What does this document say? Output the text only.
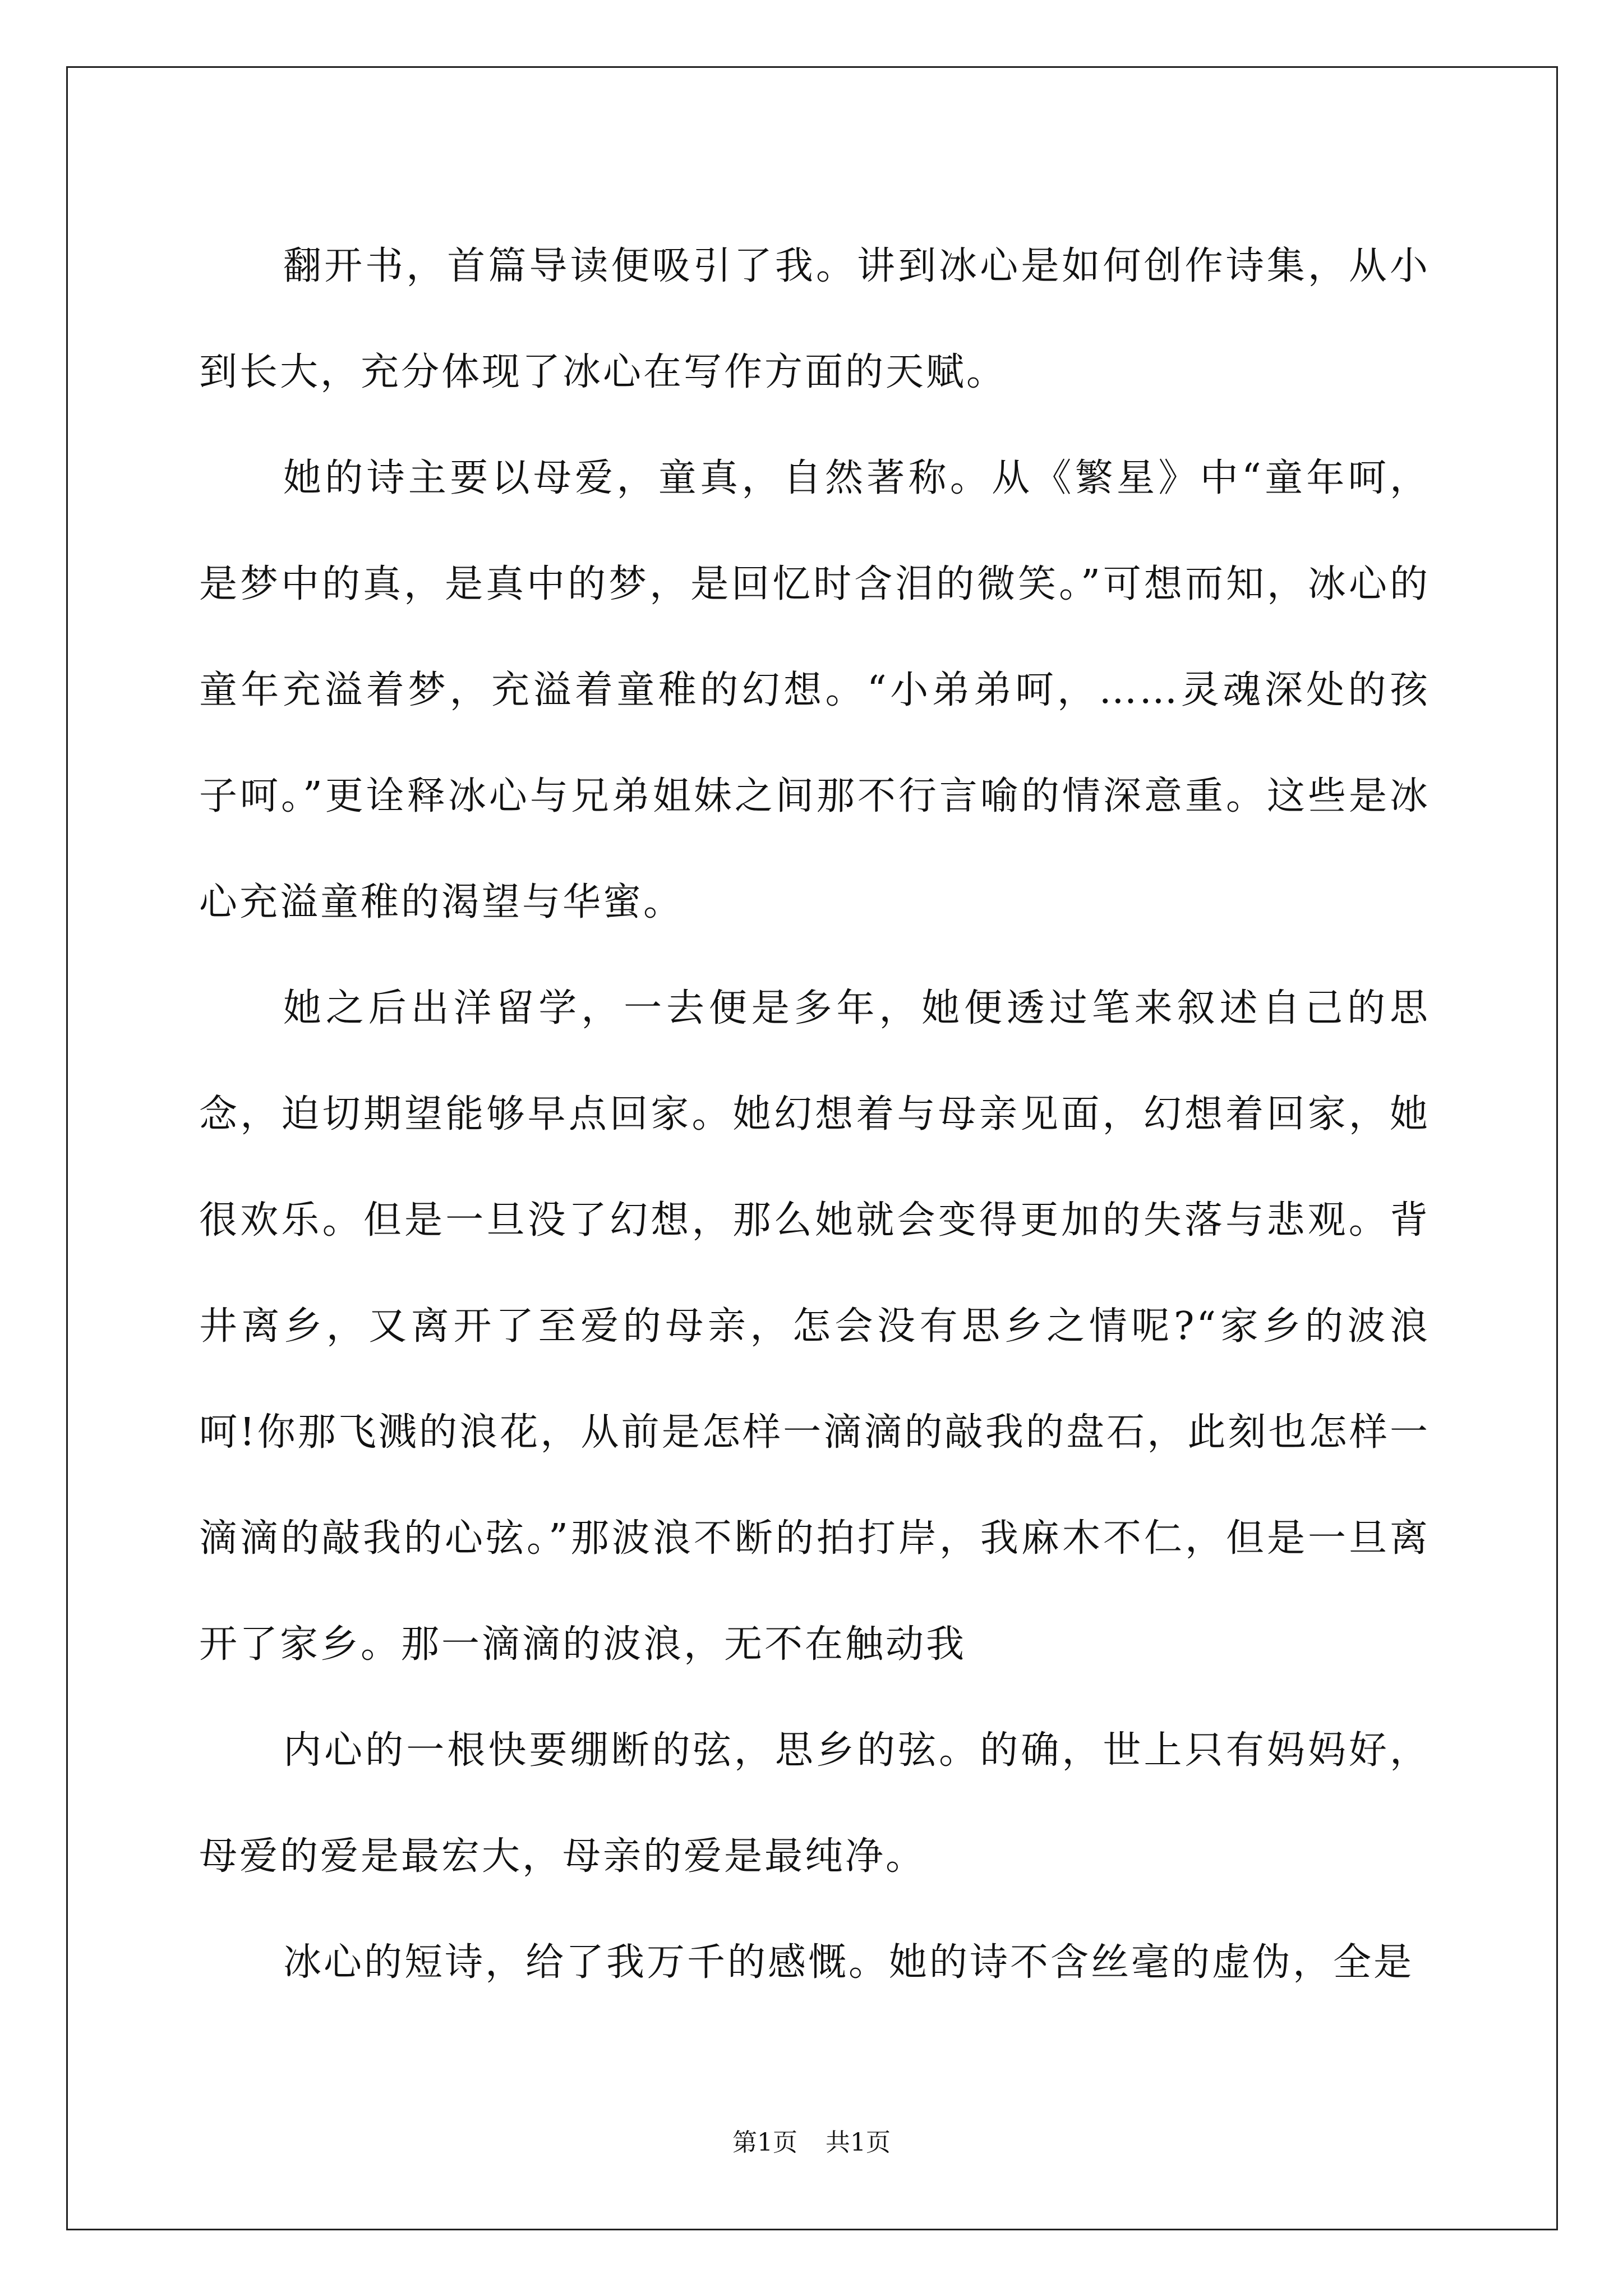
翻开书，首篇导读便吸引了我。讲到冰心是如何创作诗集，从小到长大，充分体现了冰心在写作方面的天赋。

她的诗主要以母爱，童真，自然著称。从《繁星》中“童年呵，是梦中的真，是真中的梦，是回忆时含泪的微笑。”可想而知，冰心的童年充溢着梦，充溢着童稚的幻想。“小弟弟呵，……灵魂深处的孩子呵。”更诠释冰心与兄弟姐妹之间那不行言喻的情深意重。这些是冰心充溢童稚的渴望与华蜜。

她之后出洋留学，一去便是多年，她便透过笔来叙述自己的思念，迫切期望能够早点回家。她幻想着与母亲见面，幻想着回家，她很欢乐。但是一旦没了幻想，那么她就会变得更加的失落与悲观。背井离乡，又离开了至爱的母亲，怎会没有思乡之情呢?“家乡的波浪呵!你那飞溅的浪花，从前是怎样一滴滴的敲我的盘石，此刻也怎样一滴滴的敲我的心弦。”那波浪不断的拍打岸，我麻木不仁，但是一旦离开了家乡。那一滴滴的波浪，无不在触动我

内心的一根快要绷断的弦，思乡的弦。的确，世上只有妈妈好，母爱的爱是最宏大，母亲的爱是最纯净。

冰心的短诗，给了我万千的感慨。她的诗不含丝毫的虚伪，全是

第1页 共1页
